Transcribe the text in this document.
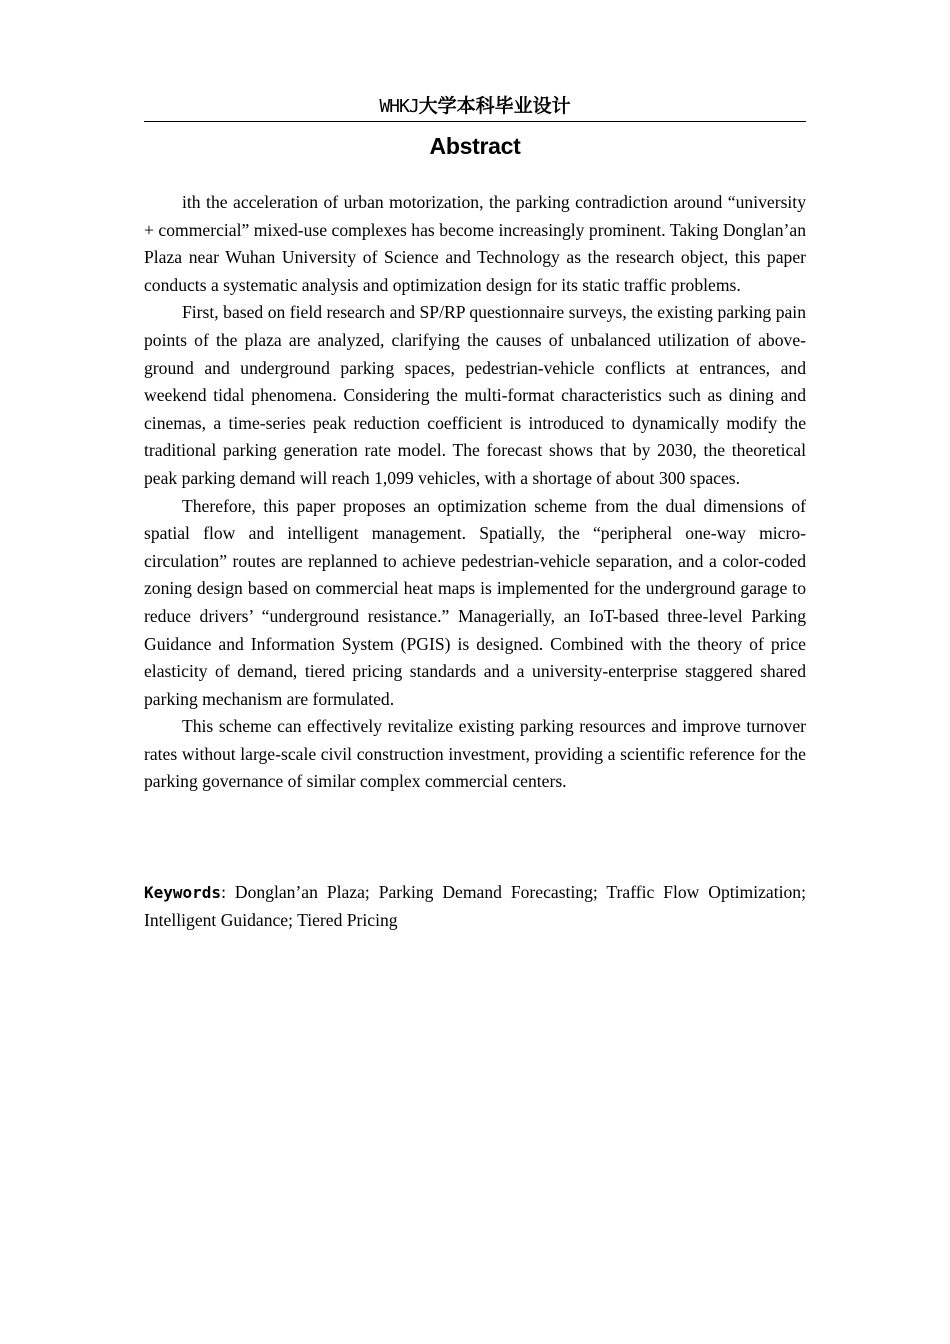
WHKJ大学本科毕业设计
Abstract

ith the acceleration of urban motorization, the parking contradiction around “university + commercial” mixed-use complexes has become increasingly prominent. Taking Donglan’an Plaza near Wuhan University of Science and Technology as the research object, this paper conducts a systematic analysis and optimization design for its static traffic problems.

First, based on field research and SP/RP questionnaire surveys, the existing parking pain points of the plaza are analyzed, clarifying the causes of unbalanced utilization of above-ground and underground parking spaces, pedestrian-vehicle conflicts at entrances, and weekend tidal phenomena. Considering the multi-format characteristics such as dining and cinemas, a time-series peak reduction coefficient is introduced to dynamically modify the traditional parking generation rate model. The forecast shows that by 2030, the theoretical peak parking demand will reach 1,099 vehicles, with a shortage of about 300 spaces.

Therefore, this paper proposes an optimization scheme from the dual dimensions of spatial flow and intelligent management. Spatially, the “peripheral one-way micro-circulation” routes are replanned to achieve pedestrian-vehicle separation, and a color-coded zoning design based on commercial heat maps is implemented for the underground garage to reduce drivers’ “underground resistance.” Managerially, an IoT-based three-level Parking Guidance and Information System (PGIS) is designed. Combined with the theory of price elasticity of demand, tiered pricing standards and a university-enterprise staggered shared parking mechanism are formulated.

This scheme can effectively revitalize existing parking resources and improve turnover rates without large-scale civil construction investment, providing a scientific reference for the parking governance of similar complex commercial centers.

Keywords: Donglan’an Plaza; Parking Demand Forecasting; Traffic Flow Optimization; Intelligent Guidance; Tiered Pricing
